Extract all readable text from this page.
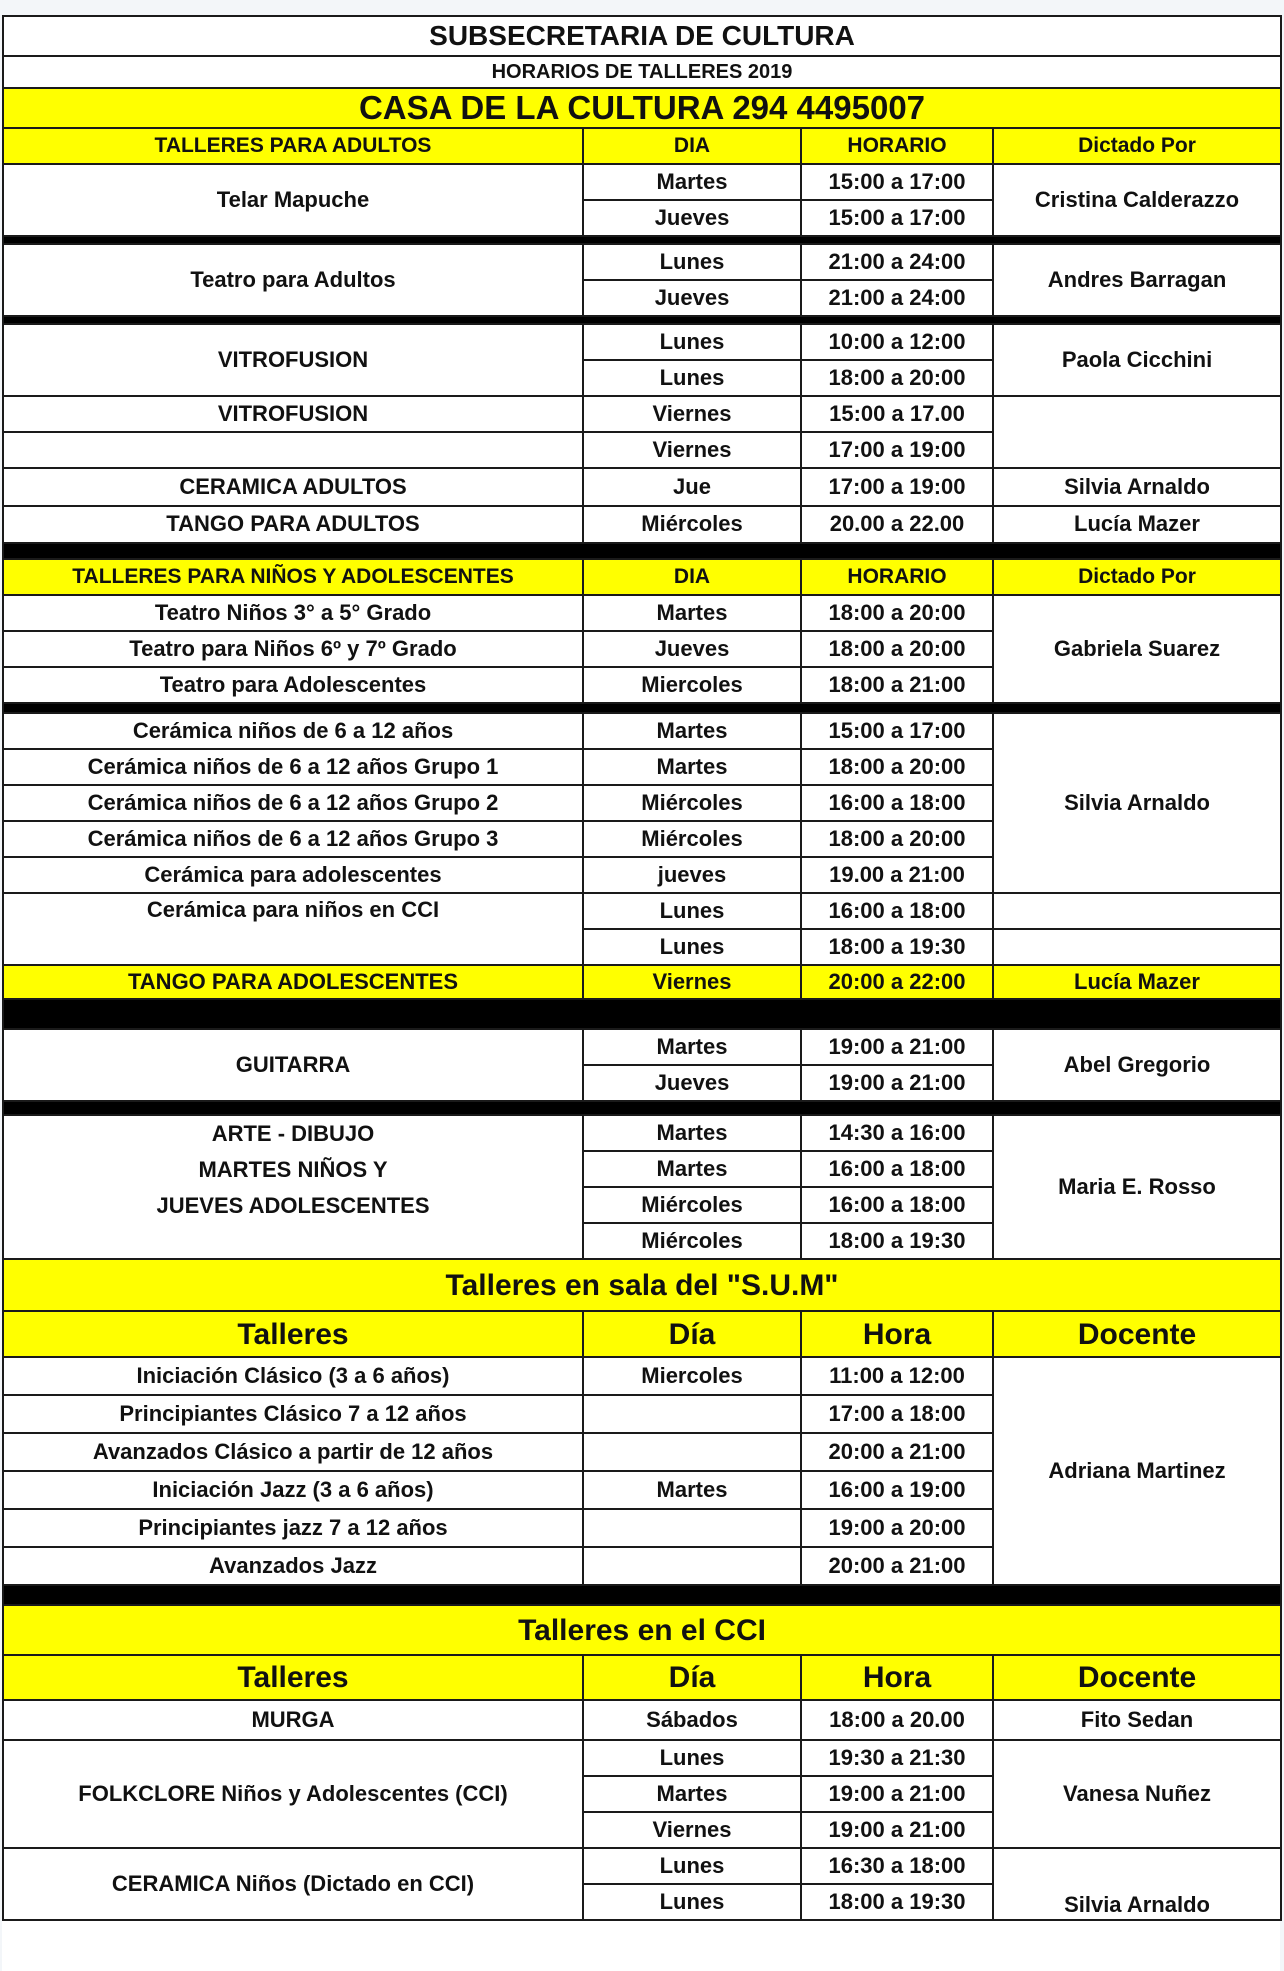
SUBSECRETARIA DE CULTURA			
HORARIOS DE TALLERES 2019			
CASA DE LA CULTURA 294 4495007			
TALLERES PARA ADULTOS	DIA	HORARIO	Dictado Por
Telar Mapuche	Martes	15:00 a 17:00	Cristina Calderazzo
	Jueves	15:00 a 17:00	

Teatro para Adultos	Lunes	21:00 a 24:00	Andres Barragan
	Jueves	21:00 a 24:00	

VITROFUSION	Lunes	10:00 a 12:00	Paola Cicchini
	Lunes	18:00 a 20:00	
VITROFUSION	Viernes	15:00 a 17.00	
	Viernes	17:00 a 19:00	
CERAMICA ADULTOS	Jue	17:00 a 19:00	Silvia Arnaldo
TANGO PARA ADULTOS	Miércoles	20.00 a 22.00	Lucía Mazer

TALLERES PARA NIÑOS Y ADOLESCENTES	DIA	HORARIO	Dictado Por
Teatro Niños 3° a 5° Grado	Martes	18:00 a 20:00	Gabriela Suarez
Teatro para Niños 6º y 7º Grado	Jueves	18:00 a 20:00	
Teatro para Adolescentes	Miercoles	18:00 a 21:00	

Cerámica niños de 6 a 12 años	Martes	15:00 a 17:00	Silvia Arnaldo
Cerámica niños de 6 a 12 años Grupo 1	Martes	18:00 a 20:00	
Cerámica niños de 6 a 12 años Grupo 2	Miércoles	16:00 a 18:00	
Cerámica niños de 6 a 12 años Grupo 3	Miércoles	18:00 a 20:00	
Cerámica para adolescentes	jueves	19.00 a 21:00	
Cerámica para niños en CCI	Lunes	16:00 a 18:00	
	Lunes	18:00 a 19:30	
TANGO PARA ADOLESCENTES	Viernes	20:00 a 22:00	Lucía Mazer

GUITARRA	Martes	19:00 a 21:00	Abel Gregorio
	Jueves	19:00 a 21:00	

ARTE - DIBUJO
MARTES NIÑOS Y
JUEVES ADOLESCENTES	Martes	14:30 a 16:00	Maria E. Rosso
	Martes	16:00 a 18:00	
	Miércoles	16:00 a 18:00	
	Miércoles	18:00 a 19:30	
Talleres en sala del "S.U.M"			
Talleres	Día	Hora	Docente
Iniciación Clásico (3 a 6 años)	Miercoles	11:00 a 12:00	Adriana Martinez
Principiantes Clásico 7 a 12 años		17:00 a 18:00	
Avanzados Clásico a partir de 12 años		20:00 a 21:00	
Iniciación Jazz (3 a 6 años)	Martes	16:00 a 19:00	
Principiantes jazz 7 a 12 años		19:00 a 20:00	
Avanzados Jazz		20:00 a 21:00	

Talleres en el CCI			
Talleres	Día	Hora	Docente
MURGA	Sábados	18:00 a 20.00	Fito Sedan
FOLKCLORE Niños y Adolescentes (CCI)	Lunes	19:30 a 21:30	Vanesa Nuñez
	Martes	19:00 a 21:00	
	Viernes	19:00 a 21:00	
CERAMICA Niños (Dictado en CCI)	Lunes	16:30 a 18:00	Silvia Arnaldo
	Lunes	18:00 a 19:30	
